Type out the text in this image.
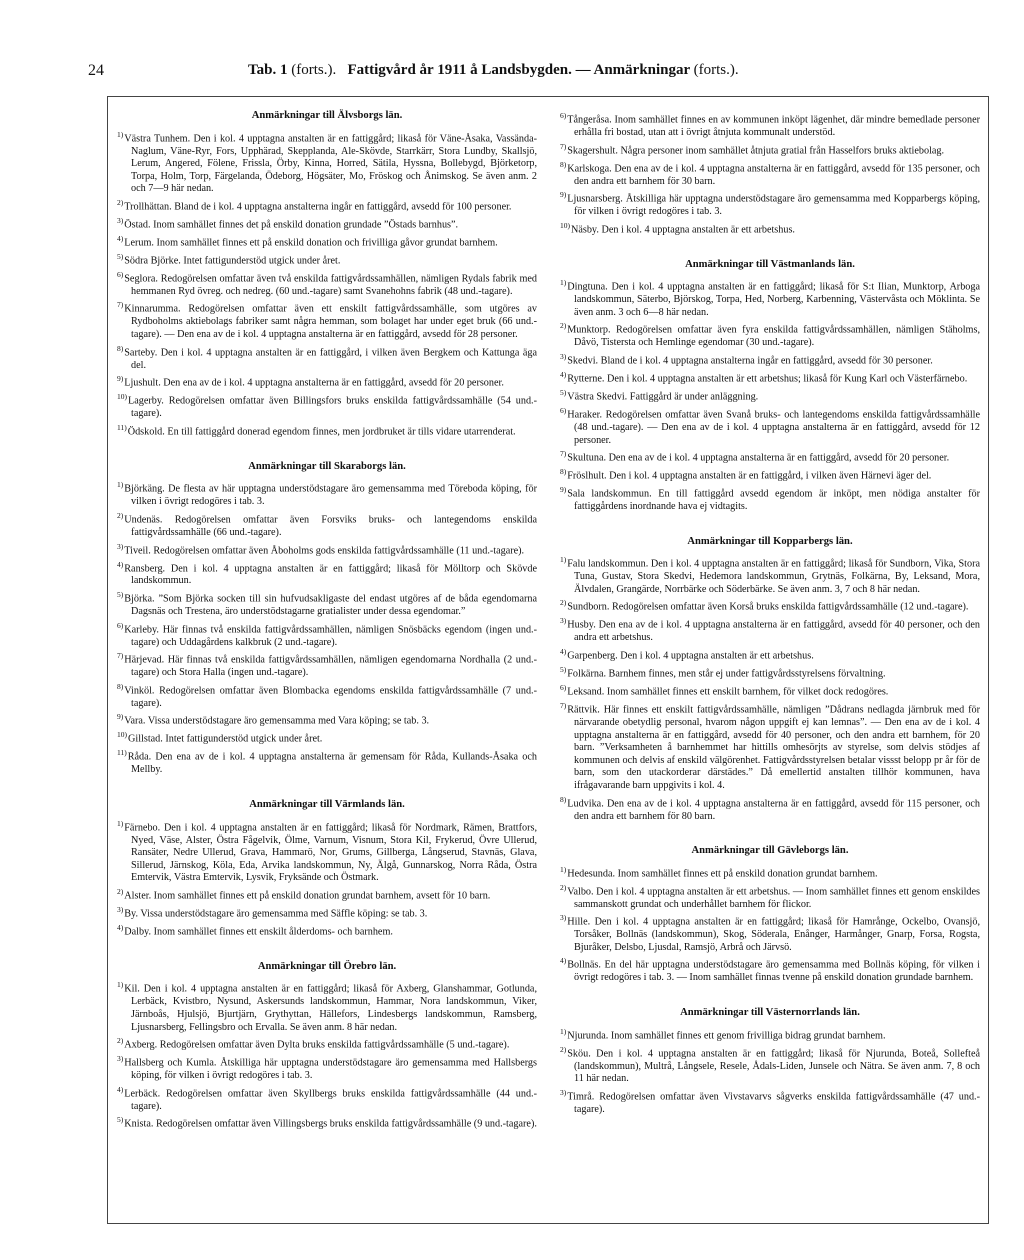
24	Tab. 1 (forts.). Fattigvård år 1911 å Landsbygden. — Anmärkningar (forts.).
Anmärkningar till Älvsborgs län.
$^{1)}$Västra Tunhem. Den i kol. 4 upptagna anstalten är en fattiggård; likaså för Väne-Åsaka, Vassända-Naglum, Väne-Ryr, Fors, Upphärad, Skepplanda, Ale-Skövde, Starrkärr, Stora Lundby, Skallsjö, Lerum, Angered, Fölene, Frissla, Örby, Kinna, Horred, Sätila, Hyssna, Bollebygd, Björketorp, Torpa, Holm, Torp, Färgelanda, Ödeborg, Högsäter, Mo, Fröskog och Ånimskog. Se även anm. 2 och 7—9 här nedan.
$^{2)}$Trollhättan. Bland de i kol. 4 upptagna anstalterna ingår en fattiggård, avsedd för 100 personer.
$^{3)}$Östad. Inom samhället finnes det på enskild donation grundade ”Östads barnhus”.
$^{4)}$Lerum. Inom samhället finnes ett på enskild donation och frivilliga gåvor grundat barnhem.
$^{5)}$Södra Björke. Intet fattigunderstöd utgick under året.
$^{6)}$Seglora. Redogörelsen omfattar även två enskilda fattigvårdssamhällen, nämligen Rydals fabrik med hemmanen Ryd övreg. och nedreg. (60 und.-tagare) samt Svanehohns fabrik (48 und.-tagare).
$^{7)}$Kinnarumma. Redogörelsen omfattar även ett enskilt fattigvårdssamhälle, som utgöres av Rydboholms aktiebolags fabriker samt några hemman, som bolaget har under eget bruk (66 und.-tagare). — Den ena av de i kol. 4 upptagna anstalterna är en fattiggård, avsedd för 28 personer.
$^{8)}$Sarteby. Den i kol. 4 upptagna anstalten är en fattiggård, i vilken även Bergkem och Kattunga äga del.
$^{9)}$Ljushult. Den ena av de i kol. 4 upptagna anstalterna är en fattiggård, avsedd för 20 personer.
$^{10)}$Lagerby. Redogörelsen omfattar även Billingsfors bruks enskilda fattigvårdssamhälle (54 und.-tagare).
$^{11)}$Ödskold. En till fattiggård donerad egendom finnes, men jordbruket är tills vidare utarrenderat.
Anmärkningar till Skaraborgs län.
$^{1)}$Björkäng. De flesta av här upptagna understödstagare äro gemensamma med Töreboda köping, för vilken i övrigt redogöres i tab. 3.
$^{2)}$Undenäs. Redogörelsen omfattar även Forsviks bruks- och lantegendoms enskilda fattigvårdssamhälle (66 und.-tagare).
$^{3)}$Tiveil. Redogörelsen omfattar även Åboholms gods enskilda fattigvårdssamhälle (11 und.-tagare).
$^{4)}$Ransberg. Den i kol. 4 upptagna anstalten är en fattiggård; likaså för Mölltorp och Skövde landskommun.
$^{5)}$Björka. ”Som Björka socken till sin hufvudsakligaste del endast utgöres af de båda egendomarna Dagsnäs och Trestena, äro understödstagarne gratialister under dessa egendomar.”
$^{6)}$Karleby. Här finnas två enskilda fattigvårdssamhällen, nämligen Snösbäcks egendom (ingen und.-tagare) och Uddagårdens kalkbruk (2 und.-tagare).
$^{7)}$Härjevad. Här finnas två enskilda fattigvårdssamhällen, nämligen egendomarna Nordhalla (2 und.-tagare) och Stora Halla (ingen und.-tagare).
$^{8)}$Vinköl. Redogörelsen omfattar även Blombacka egendoms enskilda fattigvårdssamhälle (7 und.-tagare).
$^{9)}$Vara. Vissa understödstagare äro gemensamma med Vara köping; se tab. 3.
$^{10)}$Gillstad. Intet fattigunderstöd utgick under året.
$^{11)}$Råda. Den ena av de i kol. 4 upptagna anstalterna är gemensam för Råda, Kullands-Åsaka och Mellby.
Anmärkningar till Värmlands län.
$^{1)}$Färnebo. Den i kol. 4 upptagna anstalten är en fattiggård; likaså för Nordmark, Rämen, Brattfors, Nyed, Väse, Alster, Östra Fågelvik, Ölme, Varnum, Visnum, Stora Kil, Frykerud, Övre Ullerud, Ransäter, Nedre Ullerud, Grava, Hammarö, Nor, Grums, Gillberga, Långserud, Stavnäs, Glava, Sillerud, Järnskog, Köla, Eda, Arvika landskommun, Ny, Älgå, Gunnarskog, Norra Råda, Östra Emtervik, Västra Emtervik, Lysvik, Fryksände och Östmark.
$^{2)}$Alster. Inom samhället finnes ett på enskild donation grundat barnhem, avsett för 10 barn.
$^{3)}$By. Vissa understödstagare äro gemensamma med Säffle köping: se tab. 3.
$^{4)}$Dalby. Inom samhället finnes ett enskilt ålderdoms- och barnhem.
Anmärkningar till Örebro län.
$^{1)}$Kil. Den i kol. 4 upptagna anstalten är en fattiggård; likaså för Axberg, Glanshammar, Gotlunda, Lerbäck, Kvistbro, Nysund, Askersunds landskommun, Hammar, Nora landskommun, Viker, Järnboås, Hjulsjö, Bjurtjärn, Grythyttan, Hällefors, Lindesbergs landskommun, Ramsberg, Ljusnarsberg, Fellingsbro och Ervalla. Se även anm. 8 här nedan.
$^{2)}$Axberg. Redogörelsen omfattar även Dylta bruks enskilda fattigvårdssamhälle (5 und.-tagare).
$^{3)}$Hallsberg och Kumla. Åtskilliga här upptagna understödstagare äro gemensamma med Hallsbergs köping, för vilken i övrigt redogöres i tab. 3.
$^{4)}$Lerbäck. Redogörelsen omfattar även Skyllbergs bruks enskilda fattigvårdssamhälle (44 und.-tagare).
$^{5)}$Knista. Redogörelsen omfattar även Villingsbergs bruks enskilda fattigvårdssamhälle (9 und.-tagare).
$^{6)}$Tångeråsa. Inom samhället finnes en av kommunen inköpt lägenhet, där mindre bemedlade personer erhålla fri bostad, utan att i övrigt åtnjuta kommunalt understöd.
$^{7)}$Skagershult. Några personer inom samhället åtnjuta gratial från Hasselfors bruks aktiebolag.
$^{8)}$Karlskoga. Den ena av de i kol. 4 upptagna anstalterna är en fattiggård, avsedd för 135 personer, och den andra ett barnhem för 30 barn.
$^{9)}$Ljusnarsberg. Åtskilliga här upptagna understödstagare äro gemensamma med Kopparbergs köping, för vilken i övrigt redogöres i tab. 3.
$^{10)}$Näsby. Den i kol. 4 upptagna anstalten är ett arbetshus.
Anmärkningar till Västmanlands län.
$^{1)}$Dingtuna. Den i kol. 4 upptagna anstalten är en fattiggård; likaså för S:t Ilian, Munktorp, Arboga landskommun, Säterbo, Björskog, Torpa, Hed, Norberg, Karbenning, Västervåsta och Möklinta. Se även anm. 3 och 6—8 här nedan.
$^{2)}$Munktorp. Redogörelsen omfattar även fyra enskilda fattigvårdssamhällen, nämligen Stäholms, Dåvö, Tisterstа och Hemlinge egendomar (30 und.-tagare).
$^{3)}$Skedvi. Bland de i kol. 4 upptagna anstalterna ingår en fattiggård, avsedd för 30 personer.
$^{4)}$Rytterne. Den i kol. 4 upptagna anstalten är ett arbetshus; likaså för Kung Karl och Västerfärnebo.
$^{5)}$Västra Skedvi. Fattiggård är under anläggning.
$^{6)}$Haraker. Redogörelsen omfattar även Svanå bruks- och lantegendoms enskilda fattigvårdssamhälle (48 und.-tagare). — Den ena av de i kol. 4 upptagna anstalterna är en fattiggård, avsedd för 12 personer.
$^{7)}$Skultuna. Den ena av de i kol. 4 upptagna anstalterna är en fattiggård, avsedd för 20 personer.
$^{8)}$Fröslhult. Den i kol. 4 upptagna anstalten är en fattiggård, i vilken även Härnevi äger del.
$^{9)}$Sala landskommun. En till fattiggård avsedd egendom är inköpt, men nödiga anstalter för fattiggårdens inordnande hava ej vidtagits.
Anmärkningar till Kopparbergs län.
$^{1)}$Falu landskommun. Den i kol. 4 upptagna anstalten är en fattiggård; likaså för Sundborn, Vika, Stora Tuna, Gustav, Stora Skedvi, Hedemora landskommun, Grytnäs, Folkärna, By, Leksand, Mora, Älvdalen, Grangärde, Norrbärke och Söderbärke. Se även anm. 3, 7 och 8 här nedan.
$^{2)}$Sundborn. Redogörelsen omfattar även Korså bruks enskilda fattigvårdssamhälle (12 und.-tagare).
$^{3)}$Husby. Den ena av de i kol. 4 upptagna anstalterna är en fattiggård, avsedd för 40 personer, och den andra ett arbetshus.
$^{4)}$Garpenberg. Den i kol. 4 upptagna anstalten är ett arbetshus.
$^{5)}$Folkärna. Barnhem finnes, men står ej under fattigvårdsstyrelsens förvaltning.
$^{6)}$Leksand. Inom samhället finnes ett enskilt barnhem, för vilket dock redogöres.
$^{7)}$Rättvik. Här finnes ett enskilt fattigvårdssamhälle, nämligen ”Dådrans nedlagda järnbruk med för närvarande obetydlig personal, hvarom någon uppgift ej kan lemnas”. — Den ena av de i kol. 4 upptagna anstalterna är en fattiggård, avsedd för 40 personer, och den andra ett barnhem, för 20 barn. ”Verksamheten å barnhemmet har hittills omhesörjts av styrelse, som delvis stödjes af kommunen och delvis af enskild välgörenhet. Fattigvårdsstyrelsen betalar vissst belopp pr år för de barn, som den utackorderar därstädes.” Då emellertid anstalten tillhör kommunen, hava ifrågavarande barn uppgivits i kol. 4.
$^{8)}$Ludvika. Den ena av de i kol. 4 upptagna anstalterna är en fattiggård, avsedd för 115 personer, och den andra ett barnhem för 80 barn.
Anmärkningar till Gävleborgs län.
$^{1)}$Hedesunda. Inom samhället finnes ett på enskild donation grundat barnhem.
$^{2)}$Valbo. Den i kol. 4 upptagna anstalten är ett arbetshus. — Inom samhället finnes ett genom enskildes sammanskott grundat och underhållet barnhem för flickor.
$^{3)}$Hille. Den i kol. 4 upptagna anstalten är en fattiggård; likaså för Hamrånge, Ockelbo, Ovansjö, Torsåker, Bollnäs (landskommun), Skog, Söderala, Enånger, Harmånger, Gnarp, Forsa, Rogsta, Bjuråker, Delsbo, Ljusdal, Ramsjö, Arbrå och Järvsö.
$^{4)}$Bollnäs. En del här upptagna understödstagare äro gemensamma med Bollnäs köping, för vilken i övrigt redogöres i tab. 3. — Inom samhället finnas tvenne på enskild donation grundade barnhem.
Anmärkningar till Västernorrlands län.
$^{1)}$Njurunda. Inom samhället finnes ett genom frivilliga bidrag grundat barnhem.
$^{2)}$Sköu. Den i kol. 4 upptagna anstalten är en fattiggård; likaså för Njurunda, Boteå, Sollefteå (landskommun), Multrå, Långsele, Resele, Ådals-Liden, Junsele och Nätra. Se även anm. 7, 8 och 11 här nedan.
$^{3)}$Timrå. Redogörelsen omfattar även Vivstavarvs sågverks enskilda fattigvårdssamhälle (47 und.-tagare).
